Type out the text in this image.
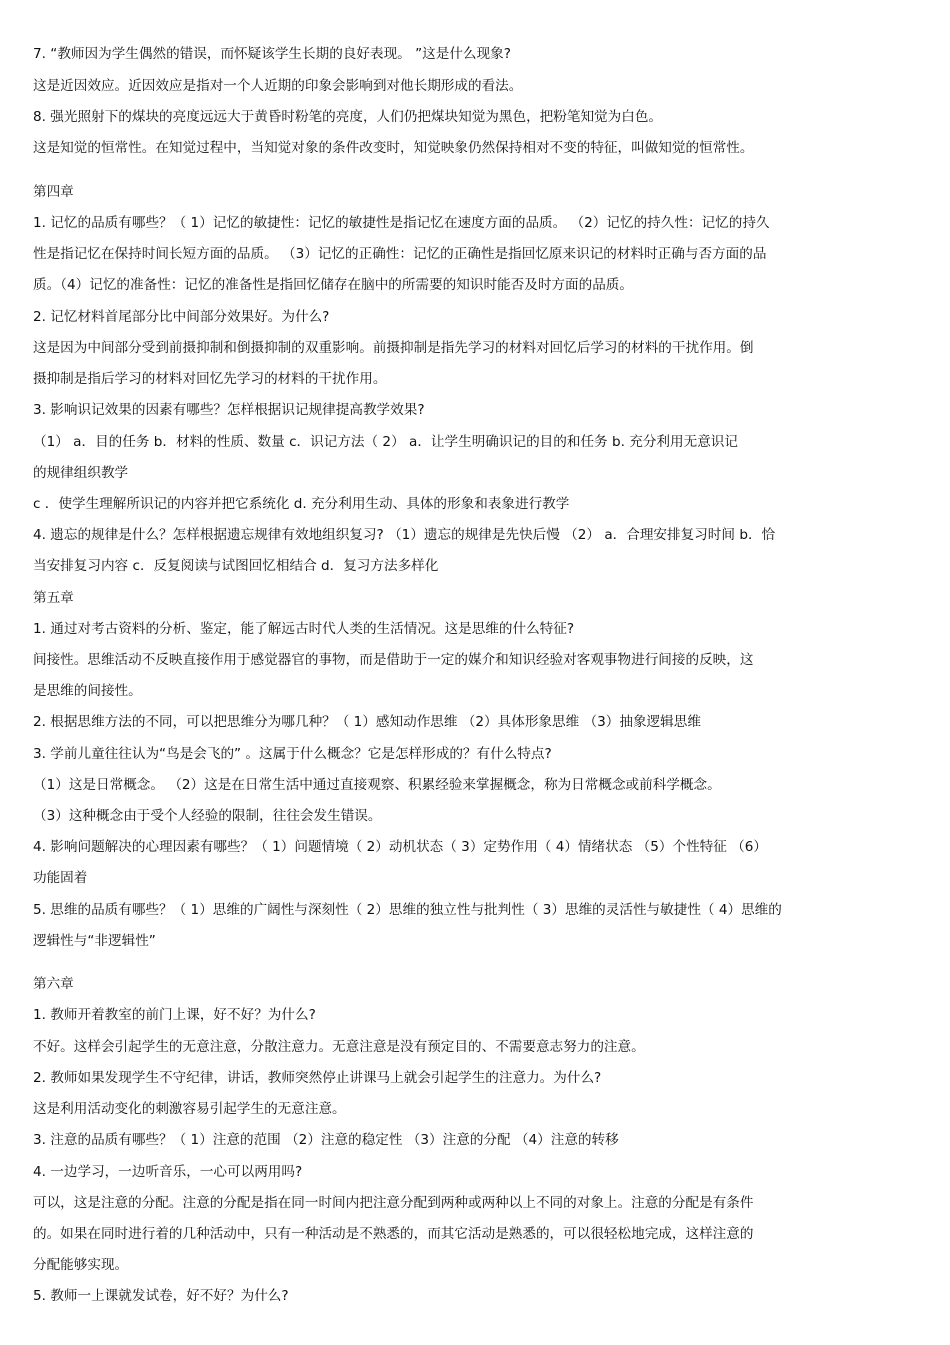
7. “教师因为学生偶然的错误，而怀疑该学生长期的良好表现。 ”这是什么现象?
这是近因效应。近因效应是指对一个人近期的印象会影响到对他长期形成的看法。
8. 强光照射下的煤块的亮度远远大于黄昏时粉笔的亮度，人们仍把煤块知觉为黑色，把粉笔知觉为白色。
这是知觉的恒常性。在知觉过程中，当知觉对象的条件改变时，知觉映象仍然保持相对不变的特征，叫做知觉的恒常性。
第四章
1. 记忆的品质有哪些？（ 1）记忆的敏捷性：记忆的敏捷性是指记忆在速度方面的品质。 （2）记忆的持久性：记忆的持久
性是指记忆在保持时间长短方面的品质。 （3）记忆的正确性：记忆的正确性是指回忆原来识记的材料时正确与否方面的品
质。（4）记忆的准备性：记忆的准备性是指回忆储存在脑中的所需要的知识时能否及时方面的品质。
2. 记忆材料首尾部分比中间部分效果好。为什么?
这是因为中间部分受到前摄抑制和倒摄抑制的双重影响。前摄抑制是指先学习的材料对回忆后学习的材料的干扰作用。倒
摄抑制是指后学习的材料对回忆先学习的材料的干扰作用。
3. 影响识记效果的因素有哪些？怎样根据识记规律提高教学效果?
（1） a．目的任务 b．材料的性质、数量 c．识记方法（ 2） a．让学生明确识记的目的和任务 b. 充分利用无意识记
的规律组织教学
c ．使学生理解所识记的内容并把它系统化 d. 充分利用生动、具体的形象和表象进行教学
4. 遗忘的规律是什么？怎样根据遗忘规律有效地组织复习? （1）遗忘的规律是先快后慢 （2） a．合理安排复习时间 b．恰
当安排复习内容 c．反复阅读与试图回忆相结合 d．复习方法多样化
第五章
1. 通过对考古资料的分析、鉴定，能了解远古时代人类的生活情况。这是思维的什么特征?
间接性。思维活动不反映直接作用于感觉器官的事物，而是借助于一定的媒介和知识经验对客观事物进行间接的反映，这
是思维的间接性。
2. 根据思维方法的不同，可以把思维分为哪几种？（ 1）感知动作思维 （2）具体形象思维 （3）抽象逻辑思维
3. 学前儿童往往认为“鸟是会飞的” 。这属于什么概念？它是怎样形成的？有什么特点?
（1）这是日常概念。 （2）这是在日常生活中通过直接观察、积累经验来掌握概念，称为日常概念或前科学概念。
（3）这种概念由于受个人经验的限制，往往会发生错误。
4. 影响问题解决的心理因素有哪些？（ 1）问题情境（ 2）动机状态（ 3）定势作用（ 4）情绪状态 （5）个性特征 （6）
功能固着
5. 思维的品质有哪些？（ 1）思维的广阔性与深刻性（ 2）思维的独立性与批判性（ 3）思维的灵活性与敏捷性（ 4）思维的
逻辑性与“非逻辑性”
第六章
1. 教师开着教室的前门上课，好不好？为什么?
不好。这样会引起学生的无意注意，分散注意力。无意注意是没有预定目的、不需要意志努力的注意。
2. 教师如果发现学生不守纪律，讲话，教师突然停止讲课马上就会引起学生的注意力。为什么?
这是利用活动变化的刺激容易引起学生的无意注意。
3. 注意的品质有哪些？（ 1）注意的范围 （2）注意的稳定性 （3）注意的分配 （4）注意的转移
4. 一边学习，一边听音乐，一心可以两用吗?
可以，这是注意的分配。注意的分配是指在同一时间内把注意分配到两种或两种以上不同的对象上。注意的分配是有条件
的。如果在同时进行着的几种活动中，只有一种活动是不熟悉的，而其它活动是熟悉的，可以很轻松地完成，这样注意的
分配能够实现。
5. 教师一上课就发试卷，好不好？为什么?
